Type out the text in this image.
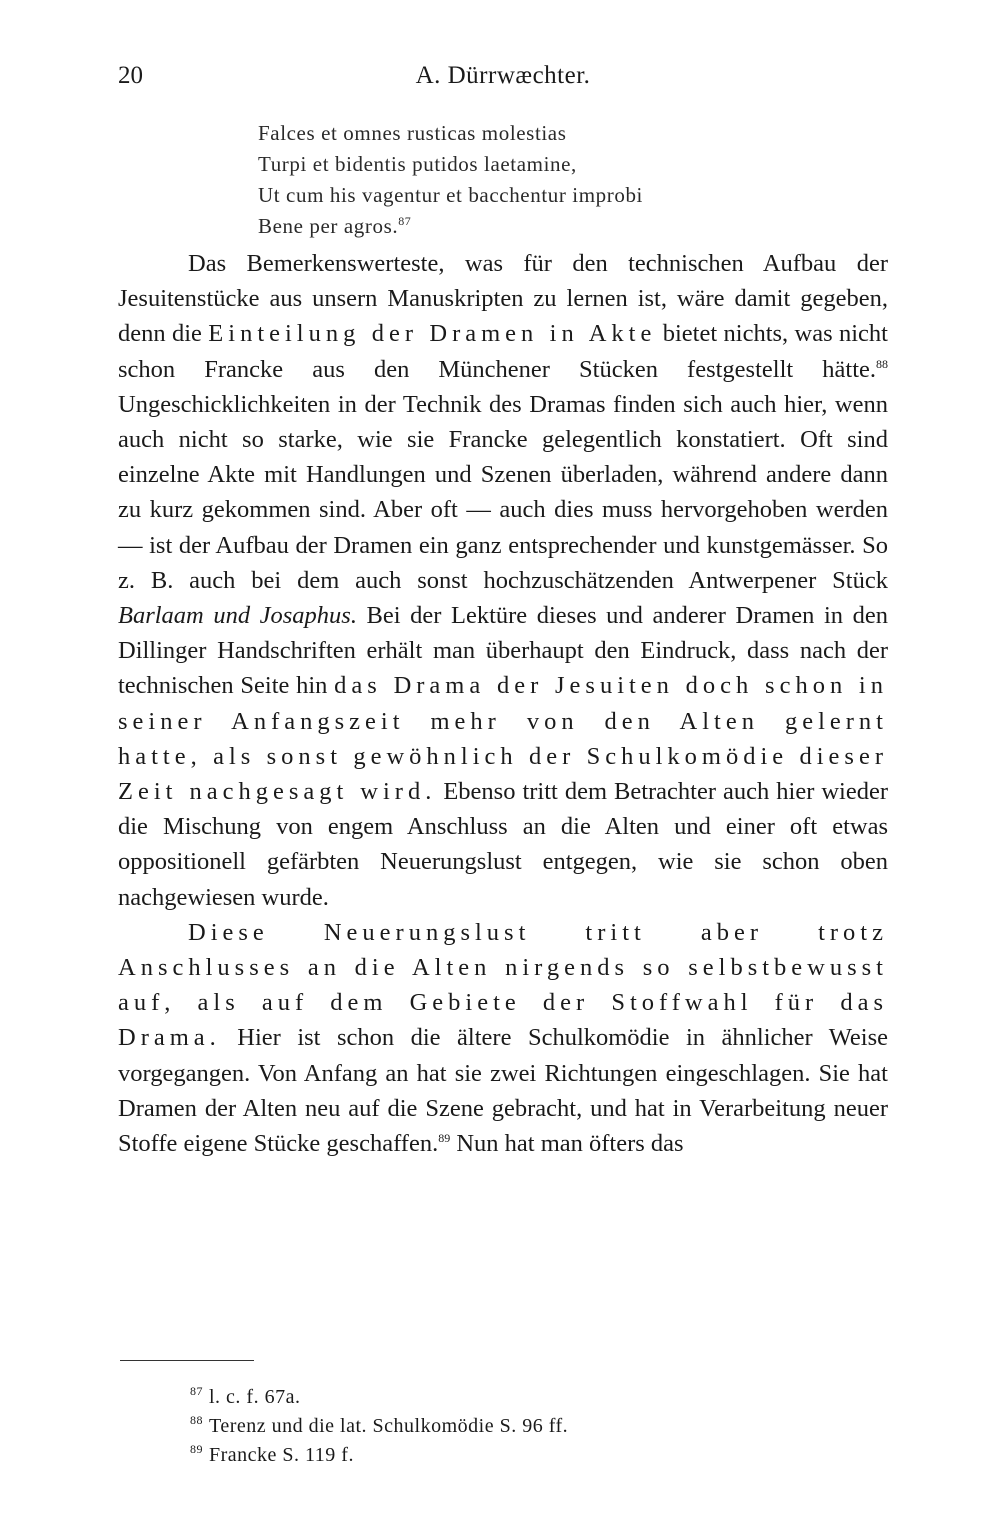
20	A. Dürrwæchter.
Falces et omnes rusticas molestias
Turpi et bidentis putidos laetamine,
Ut cum his vagentur et bacchentur improbi
Bene per agros.$^{87}$

Das Bemerkenswerteste, was für den technischen Aufbau der Jesuitenstücke aus unsern Manuskripten zu lernen ist, wäre damit gegeben, denn die Einteilung der Dramen in Akte bietet nichts, was nicht schon Francke aus den Münchener Stücken festgestellt hätte.$^{88}$ Ungeschicklichkeiten in der Technik des Dramas finden sich auch hier, wenn auch nicht so starke, wie sie Francke gelegentlich konstatiert. Oft sind einzelne Akte mit Handlungen und Szenen überladen, während andere dann zu kurz gekommen sind. Aber oft — auch dies muss hervorgehoben werden — ist der Aufbau der Dramen ein ganz entsprechender und kunstgemässer. So z. B. auch bei dem auch sonst hochzuschätzenden Antwerpener Stück Barlaam und Josaphus. Bei der Lektüre dieses und anderer Dramen in den Dillinger Handschriften erhält man überhaupt den Eindruck, dass nach der technischen Seite hin das Drama der Jesuiten doch schon in seiner Anfangszeit mehr von den Alten gelernt hatte, als sonst gewöhnlich der Schulkomödie dieser Zeit nachgesagt wird. Ebenso tritt dem Betrachter auch hier wieder die Mischung von engem Anschluss an die Alten und einer oft etwas oppositionell gefärbten Neuerungslust entgegen, wie sie schon oben nachgewiesen wurde.

Diese Neuerungslust tritt aber trotz Anschlusses an die Alten nirgends so selbstbewusst auf, als auf dem Gebiete der Stoffwahl für das Drama. Hier ist schon die ältere Schulkomödie in ähnlicher Weise vorgegangen. Von Anfang an hat sie zwei Richtungen eingeschlagen. Sie hat Dramen der Alten neu auf die Szene gebracht, und hat in Verarbeitung neuer Stoffe eigene Stücke geschaffen.$^{89}$ Nun hat man öfters das

$^{87}$ l. c. f. 67a.
$^{88}$ Terenz und die lat. Schulkomödie S. 96 ff.
$^{89}$ Francke S. 119 f.
